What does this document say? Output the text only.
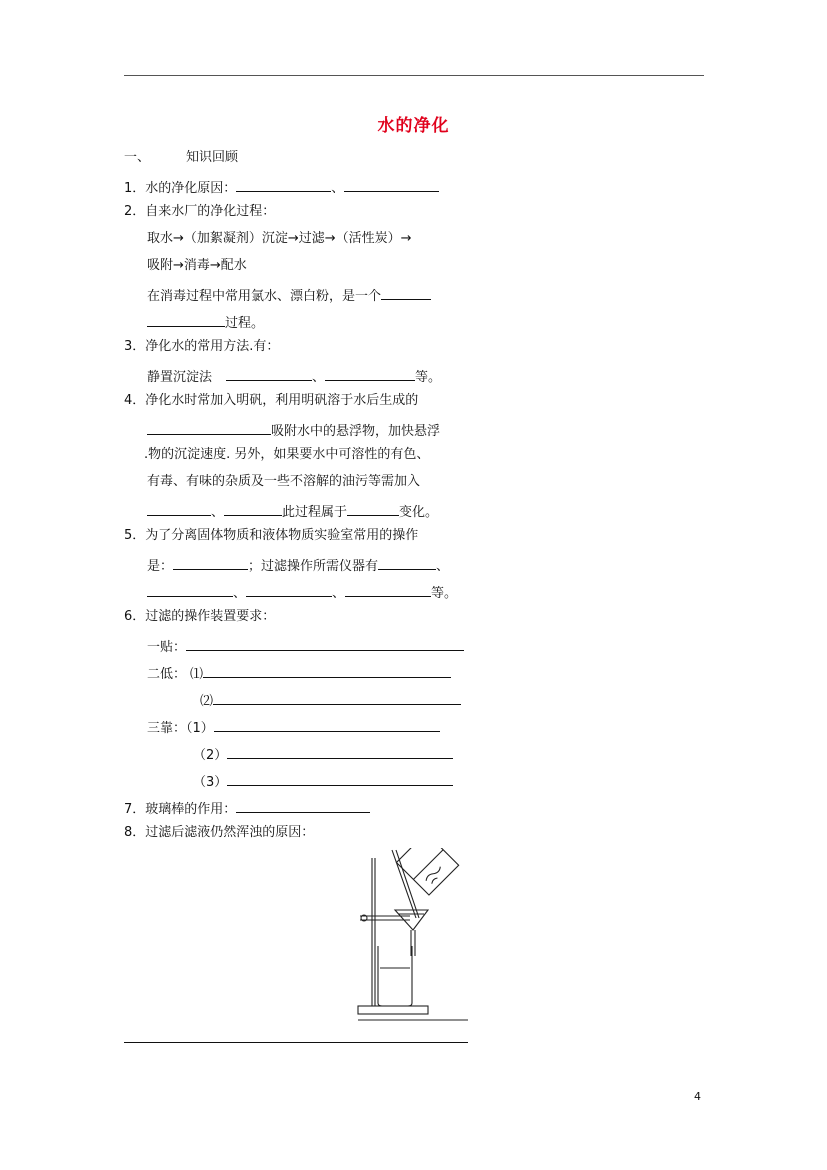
水的净化
一、	知识回顾
1．水的净化原因：	、
2．自来水厂的净化过程：
取水→（加絮凝剂）沉淀→过滤→（活性炭）→
吸附→消毒→配水
在消毒过程中常用氯水、漂白粉，是一个
过程。
3．净化水的常用方法.有：
静置沉淀法	、	等。
4．净化水时常加入明矾，利用明矾溶于水后生成的
吸附水中的悬浮物，加快悬浮
.物的沉淀速度. 另外，如果要水中可溶性的有色、
有毒、有味的杂质及一些不溶解的油污等需加入
、	此过程属于	变化。
5．为了分离固体物质和液体物质实验室常用的操作
是：	；过滤操作所需仪器有	、
、	、	等。
6．过滤的操作装置要求：
一贴：
二低： ⑴
⑵
三靠：（1）
（2）
（3）
7．玻璃棒的作用：
8．过滤后滤液仍然浑浊的原因：
4
